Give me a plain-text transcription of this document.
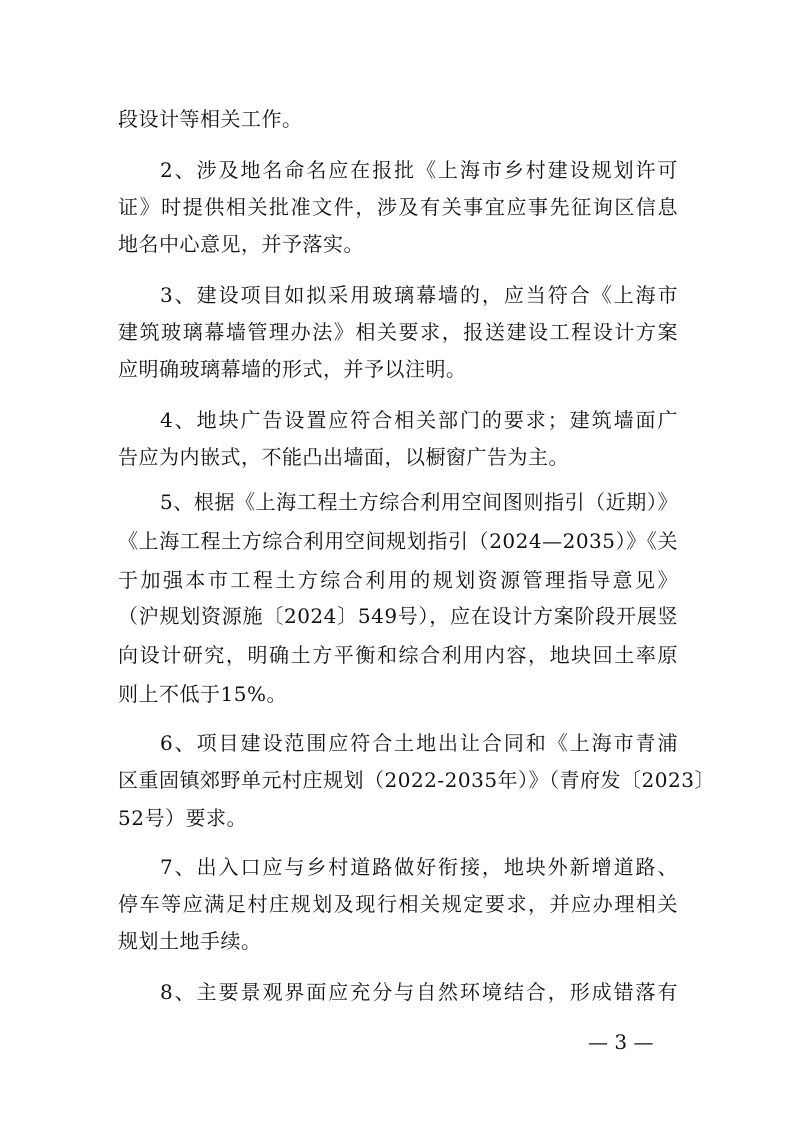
段设计等相关工作。
2、涉及地名命名应在报批《上海市乡村建设规划许可
证》时提供相关批准文件，涉及有关事宜应事先征询区信息
地名中心意见，并予落实。
3、建设项目如拟采用玻璃幕墙的，应当符合《上海市
建筑玻璃幕墙管理办法》相关要求，报送建设工程设计方案
应明确玻璃幕墙的形式，并予以注明。
4、地块广告设置应符合相关部门的要求；建筑墙面广
告应为内嵌式，不能凸出墙面，以橱窗广告为主。
5、根据《上海工程土方综合利用空间图则指引（近期）》
《上海工程土方综合利用空间规划指引（2024—2035）》《关
于加强本市工程土方综合利用的规划资源管理指导意见》
（沪规划资源施〔2024〕549号），应在设计方案阶段开展竖
向设计研究，明确土方平衡和综合利用内容，地块回土率原
则上不低于15%。
6、项目建设范围应符合土地出让合同和《上海市青浦
区重固镇郊野单元村庄规划（2022-2035年）》（青府发〔2023〕
52号）要求。
7、出入口应与乡村道路做好衔接，地块外新增道路、
停车等应满足村庄规划及现行相关规定要求，并应办理相关
规划土地手续。
8、主要景观界面应充分与自然环境结合，形成错落有
— 3 —
